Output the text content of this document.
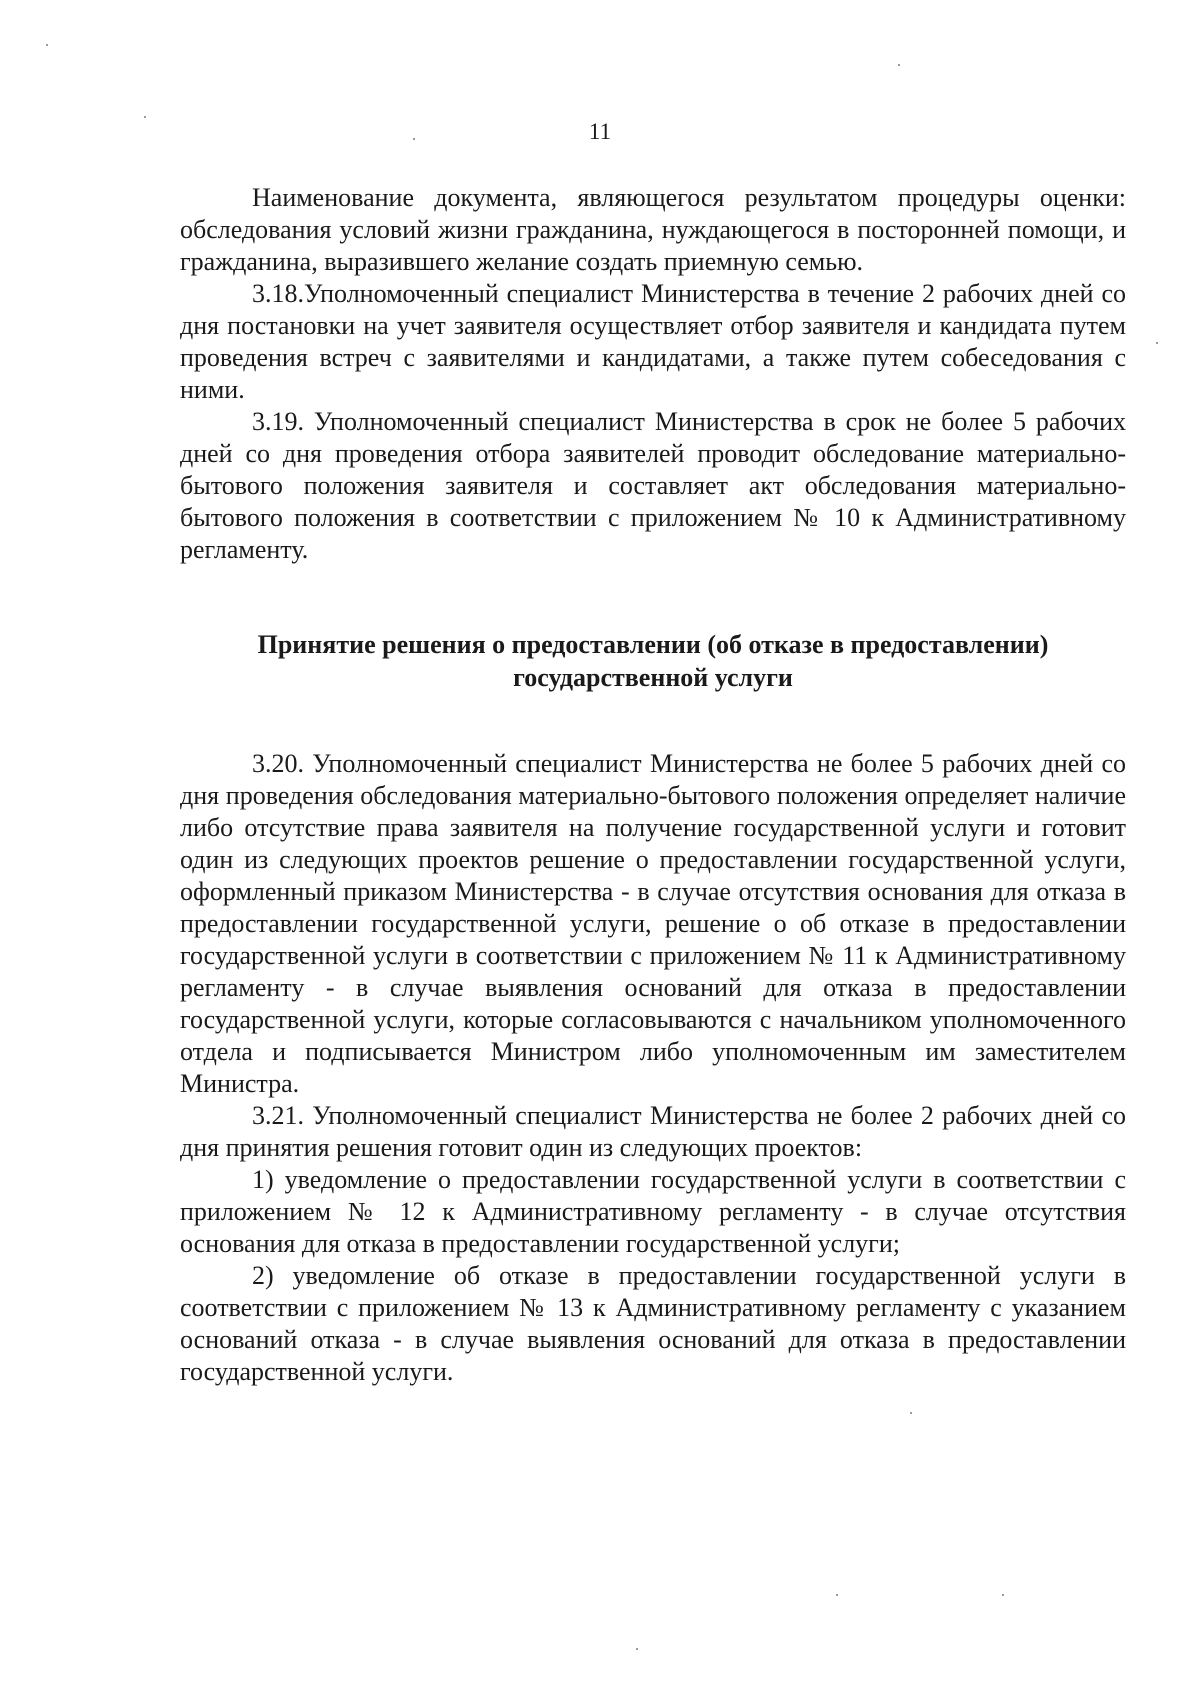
11

Наименование документа, являющегося результатом процедуры оценки: обследования условий жизни гражданина, нуждающегося в посторонней помощи, и гражданина, выразившего желание создать приемную семью.

3.18.Уполномоченный специалист Министерства в течение 2 рабочих дней со дня постановки на учет заявителя осуществляет отбор заявителя и кандидата путем проведения встреч с заявителями и кандидатами, а также путем собеседования с ними.

3.19. Уполномоченный специалист Министерства в срок не более 5 рабочих дней со дня проведения отбора заявителей проводит обследование материально-бытового положения заявителя и составляет акт обследования материально-бытового положения в соответствии с приложением № 10 к Административному регламенту.

Принятие решения о предоставлении (об отказе в предоставлении)
государственной услуги

3.20. Уполномоченный специалист Министерства не более 5 рабочих дней со дня проведения обследования материально-бытового положения определяет наличие либо отсутствие права заявителя на получение государственной услуги и готовит один из следующих проектов решение о предоставлении государственной услуги, оформленный приказом Министерства - в случае отсутствия основания для отказа в предоставлении государственной услуги, решение о об отказе в предоставлении государственной услуги в соответствии с приложением № 11 к Административному регламенту - в случае выявления оснований для отказа в предоставлении государственной услуги, которые согласовываются с начальником уполномоченного отдела и подписывается Министром либо уполномоченным им заместителем Министра.

3.21. Уполномоченный специалист Министерства не более 2 рабочих дней со дня принятия решения готовит один из следующих проектов:

1) уведомление о предоставлении государственной услуги в соответствии с приложением № 12 к Административному регламенту - в случае отсутствия основания для отказа в предоставлении государственной услуги;

2) уведомление об отказе в предоставлении государственной услуги в соответствии с приложением № 13 к Административному регламенту с указанием оснований отказа - в случае выявления оснований для отказа в предоставлении государственной услуги.
